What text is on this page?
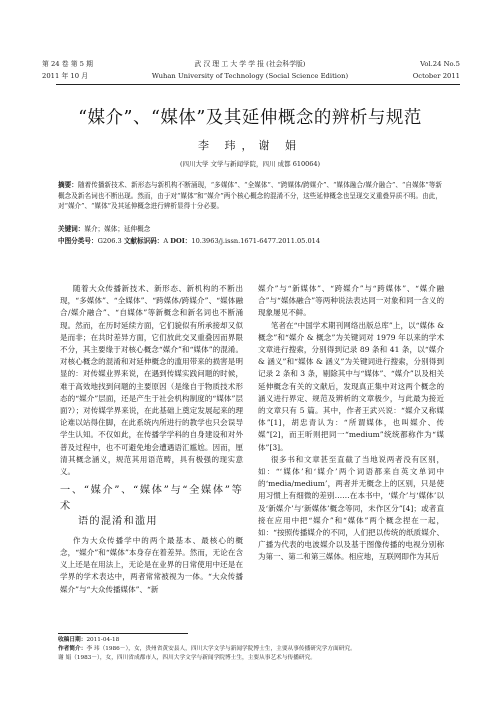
第 24 卷 第 5 期	武 汉 理 工 大 学 学 报 (社会科学版)	Vol.24 No.5
2011 年 10 月	Wuhan University of Technology (Social Science Edition)	October 2011
“媒介”、“媒体”及其延伸概念的辨析与规范
李 玮，谢 娟
(四川大学 文学与新闻学院，四川 成都 610064)
摘要：随着传播新技术、新形态与新机构不断涌现，“多媒体”、“全媒体”、“跨媒体/跨媒介”、“媒体融合/媒介融合”、“自媒体”等新概念及新名词也不断出现。然而，由于对“媒体”和“媒介”两个核心概念的混淆不分，这些延伸概念也呈现交叉重叠异质不明。由此，对“媒介”、“媒体”及其延伸概念进行辨析显得十分必要。
关键词：媒介；媒体；延伸概念
中图分类号：G206.3 文献标识码：A DOI：10.3963/j.issn.1671-6477.2011.05.014

随着大众传播新技术、新形态、新机构的不断出现，“多媒体”、“全媒体”、“跨媒体/跨媒介”、“媒体融合/媒介融合”、“自媒体”等新概念和新名词也不断涌现。然而，在历时延续方面，它们貌似有所承接却又似是而非；在共时差异方面，它们放此交叉重叠因而界限不分，其主要缘于对核心概念“媒介”和“媒体”的混淆。对核心概念的混淆和对延伸概念的滥用带来的损害是明显的：对传媒业界来说，在遇到传媒实践问题的时候，难于高效地找到问题的主要原因（是缘自于物质技术形态的“媒介”层面，还是产生于社会机构制度的“媒体”层面?）；对传媒学界来说，在此基础上奠定发展起来的理论难以站得住脚，在此系统内所进行的教学也只会误导学生认知。不仅如此，在传播学学科的自身建设和对外普及过程中，也不可避免地会遭遇语汇尴尬。因而，厘清其概念涵义，规范其用语范畴，具有极强的现实意义。

一、“媒介”、“媒体”与“全媒体”等术
语的混淆和滥用

作为大众传播学中的两个最基本、最核心的概念，“媒介”和“媒体”本身存在着差异。然而，无论在含义上还是在用法上，无论是在业界的日常使用中还是在学界的学术表达中，两者常常被视为一体。“大众传播媒介”与“大众传播媒体”、“新

媒介”与“新媒体”、“跨媒介”与“跨媒体”、“媒介融合”与“媒体融合”等两种说法表达同一对象和同一含义的现象屡见不鲜。

笔者在“中国学术期刊网络出版总库”上，以“媒体 & 概念”和“媒介 & 概念”为关键词对 1979 年以来的学术文章进行搜索，分别得到记录 89 条和 41 条，以“媒介 & 涵义”和“媒体 & 涵义”为关键词进行搜索，分别得到记录 2 条和 3 条，剔除其中与“媒体”、“媒介”以及相关延伸概念有关的文献后，发现真正集中对这两个概念的涵义进行界定、规范及辨析的文章极少，与此最为接近的文章只有 5 篇。其中，作者王武兴说：“媒介又称媒体”[1]，胡忠青认为：“所谓媒体，也叫媒介、传媒”[2]，而王昕则把同一“medium”统统都称作为“媒体”[3]。

很多书和文章甚至直截了当地说两者没有区别，如：“‘媒体’和‘媒介’两个词语都来自英文单词中的‘media/medium’，两者并无概念上的区别，只是使用习惯上有细微的差别……在本书中，‘媒介’与‘媒体’以及‘新媒介’与‘新媒体’概念等同，未作区分”[4]；或者直接在应用中把“媒介”和“媒体”两个概念捏在一起，如：“按照传播媒介的不同，人们把以传统的纸质媒介、广播为代表的电波媒介以及基于图像传播的电视分别称为第一、第二和第三媒体。相应地，互联网即作为其后

收稿日期：2011-04-18
作者简介：李 玮（1986－），女，贵州省黄安县人，四川大学文学与新闻学院博士生，主要从事传播研究学方面研究。
谢 娟（1983－），女，四川省成都市人，四川大学文学与新闻学院博士生，主要从事艺术与传播研究。
